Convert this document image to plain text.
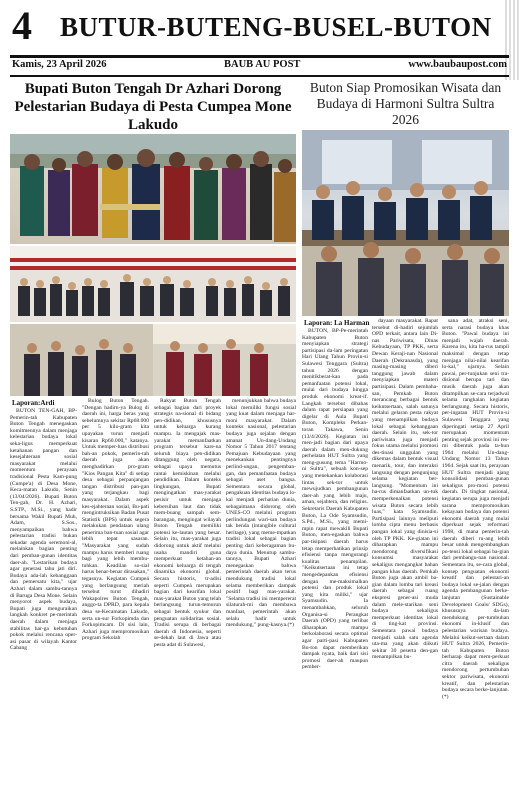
4 BUTUR-BUTENG-BUSEL-BUTON
Kamis, 23 April 2026	BAUB AU POST	www.baubaupost.com
Bupati Buton Tengah Dr Azhari Dorong Pelestarian Budaya di Pesta Cumpea Mone Lakudo
Buton Siap Promosikan Wisata dan Budaya di Harmoni Sultra Sultra 2026
Laporan:Ardi
Laporan: La Harman

BUTON TEN-GAH, BP- Pemerin-tah Kabupaten Buton Tengah menegaskan komitmennya dalam menjaga kelestarian budaya lokal seka-ligus memperkuat ketahanan pangan dan kesejahteraan sosial masyarakat melalui momentum perayaan tradisional Pesta Kam-pung (Cumpe'a) di Desa Mone, Keca-matan Lakudo, Senin (13/04/2026). Bupati Buton Ten-gah, Dr. H. Azhari, S.STP., M.Si., yang hadir bersama Wakil Bupati Muh, Adam, S.Sos., menyampaikan bahwa pelestarian tradisi bukan sekadar agenda seremoni-al, melainkan bagian penting dari pemban-gunan identitas daer-ah. "Lestarikan budaya agar generasi tahu jati diri. Budaya ada-lah kebanggaan dan pemersatu kita," ujar Azhari dalam sambu-tannya di Baruga Desa Mone. Selain menyorot aspek budaya, Bupati juga menguraikan langkah konkret pe-merintah daerah dalam menjaga stabilitas har-ga kebutuhan pokok melalui rencana oper-asi pasar di wilayah Kantor Cabang

Bulog Buton Tengah. "Dengan hadirn-ya Bulog di daerah ini, harga beras yang sebelumnya sekitar Rp68.000 per 5 kilo-gram kita upayakan turun menjadi kisaran Rp60.000," katanya. Untuk memper-luas distribusi bah-an pokok, pemerin-tah daerah juga akan menghadirkan pro-gram "Kios Pangan Kita" di setiap desa sebagai perpanjangan tangan distribusi pan-gan yang terjangkau bagi masyarakat. Dalam aspek kes-ejahteraan sosial, Bu-pati mengintruksikan Badan Pusat Statistik (BPS) untuk segera melakukan pendataan ulang penerima ban-tuan sosial agar lebih tepat sasaran. "Masyarakat yang sudah mampu harus memberi ruang bagi yang lebih membu-tuhkan. Keadilan so-sial harus benar-benar dirasakan," tegasnya. Kegiatan Cumpeá yang berlangsung meriah tersebut turut dihadiri Wakapolres Buton Tengah, anggo-ta DPRD, para kepala desa se-Kecamatan Lakudo, serta un-sur Forkopimda dan Forkopimcam. Di sisi lain, Azhari juga mempromosikan program Sekolah

Rakyat Buton Tengah sebagai bagian dari proyek strategis na-sional di bidang pen-didikan, khususnya untuk keluarga kurang mampu. Ia mengajak mas-yarakat memanfaatkan program tersebut kare-na seluruh biaya pen-didikan ditanggung oleh negara, sebagai upaya memutus rantai kemiskinan melalui pendidikan. Dalam konteks lingkungan, Bupati mengingatkan mas-yarakat pesisir untuk menjaga kebersihan laut dan tidak mem-buang sampah sem-barangan, mengingat wilayah Buton Tengah memiliki potensi ke-lautan yang besar. Selain itu, mas-yarakat juga didorong untuk aktif melalui usaha mandiri guna memperkuat ketahan-an ekonomi keluarga di tengah dinamika ekonomi global. Secara historis, tr-adisi seperti Cumpeá merupakan bagian dari kearifan lokal mas-yarakat Buton yang telah berlangsung turun-temurun sebagai bentuk syukur dan penguatan solidaritas sosial. Tradisi serupa di berbagai daerah di Indonesia, seperti se-dekah laut di Jawa atau pesta adat di Sulawesi,

menunjukkan bahwa budaya lokal memiliki fungsi sosial yang kuat dalam menjaga har-moni masyarakat. Dalam konteks nasional, pelestarian budaya juga sejalan dengan amanat Un-dang-Undang Nomor 5 Tahun 2017 tentang Pemajuan Kebudayaan yang menekankan pentingnya perlind-ungan, pengemban-gan, dan pemanfaatan budaya sebagai aset bangsa. Sementara secara global, pengakuan identitas budaya lo-kal menjadi perhatian dunia, sebagaimana didorong oleh UNES-CO melalui program perlindungan wari-san budaya tak benda (intangible cultural heritage), yang meme-mpatkan tradisi lokal sebagai bagian penting dari keberagaman bu-daya dunia. Menutup sambu-tannya, Bupati Azhari menegaskan bahwa pemerintah daerah akan terus mendukung tradisi lokal selama memberikan dampak positif bagi mas-yarakat. "Selama tradisi ini mempererat silaturah-mi dan membawa manfaat, pemerintah akan selalu hadir untuk mendukung," pung-kasnya.(*)

BUTON, BP-Pe-merintah Kabupaten Buton menyiapkan strategi partisipasi da-lam peringatan Hari Ulang Tahun Provin-si Sulawesi Tenggara (Sultra) tahun 2026 dengan menitikberat-kan pada pemanfaatan potensi lokal, mulai dari budaya hingga produk ekonomi kreat-if. Langkah tersebut dibahas dalam rapat persiapan yang digelar di Aula Bupati Buton, Kompleks Perkan-toran Takawa, Senin (13/4/2026). Kegiatan ini men-jadi bagian dari upaya daerah dalam men-dukung perhelatan HUT Sultra yang meng-gusung tema "Harmo-ni Sultra", sebuah kon-sep yang menekankan kolaborasi lintas sek-tor untuk mewujudkan pembangunan daer-ah yang lebih maju, aman, sejahtera, dan religius. Sekretaris Daerah Kabupaten Buton, La Ode Syamsudin, S.Pd., M.Si., yang memi-mpin rapat mewakili Bupati Buton, men-egaskan bahwa par-tisipasi daerah harus tetap memperhatikan prinsip efisiensi tanpa mengurangi kualitas penampilan. "Keikutsertaan ini tetap mengedepankan efisiensi dengan me-maksimalkan potensi dan produk lokal yang kita miliki," ujar Syamsudin. Ia menambahkan, seluruh Organisa-si Perangkat Daerah (OPD) yang terlibat diharapkan mampu berkolaborasi secara optimal agar parti-pasi Kabupaten Bu-ton dapat memberikan dampak nyata, baik dari sisi promosi daer-ah maupun pember-

dayaan masyarakat. Rapat tersebut di-hadiri sejumlah OPD terkait, antara lain Di-nas Pariwisata, Dinas Kebudayaan, TP PKK, serta Dewan Keraji-nan Nasional Daerah (Dekranasda), yang masing-masing diberi tanggung jawab dalam menyiapkan materi partisipasi. Dalam pembaha-san, Pemkab Buton merancang berbagai bentuk keikutsertaan, salah satunya melalui gelaran pesta rakyat yang menampilkan budaya lokal sebagai kebanggaan daerah. Selain itu, sek-tor pariwisata juga menjadi fokus utama melalui promosi des-tinasi unggulan yang dikemas dalam bentuk visual menarik, tour, dan interaksi langsung dengan pengunjung selama kegiatan ber-langsung. "Momentum ini ha-rus dimanfaatkan un-tuk memperkenalkan potensi wisata Buton secara lebih luas," kata Syamsudin. Partisipasi lainnya meliputi lomba cipta menu berbasis pangan lokal yang dinisia-si oleh TP PKK. Ke-giatan ini diharapkan mampu mendorong diversifikasi konsumsi masyarakat sekaligus mengangkat bahan pangan khas daerah. Pemkab Buton juga akan ambil ba-gian dalam lomba tari kreasi daerah sebagai ruang ekspresi gener-asi muda dalam mele-starikan seni budaya sekaligus memperkuat identitas lokal di ting-kat provinsi. Sementara pawai budaya menjadi salah satu agenda uta-ma yang akan diikuti sekitar 30 peserta den-gan menampilkan bu-

sana adat, atraksi seni, serta narasi budaya khas Buton. "Pawai budaya ini menjadi wajah daerah. Karena itu, kita ha-rus tampil maksimal dengan tetap menjaga nilai-nilai kearifan lo-kal," ujarnya. Selain pawai, per-tunjukan seni tra-disional berupa tari dan musik daerah juga akan ditampilkan se-cara terjadwal selama rangkaian kegiatan berlangsung. Secara historis, per-ingatan HUT Provin-si Sulawesi Tenggara yang diperingati setiap 27 April merupakan momentum penting sejak provinsi ini res-mi dibentuk pada ta-hun 1964 melalui Un-dang-Undang Nomor 13 Tahun 1964. Sejak saat itu, perayaan HUT Sultra menjadi ajang konsolidasi pemban-gunan sekaligus pro-mosi potensi daerah. Di tingkat nasional, kegiatan serupa juga menjadi sarana mempromosikan kekayaan budaya dan potensi ekonomi daerah yang mulai diperkuat sejak reformasi 1998, di mana pemerin-tah daerah diberi ru-ang lebih besar untuk mengembangkan po-tensi lokal sebagai ba-gian dari pembangu-nan nasional. Sementara itu, se-cara global, konsep penguatan ekonomi kreatif dan pelestari-an budaya lokal se-jalan dengan agenda pembangunan berke-lanjutan (Sustainable Development Goals/ SDGs), khususnya da-lam mendukung per-tumbuhan ekonomi in-klusif dan pelestarian warisan budaya. Melalui keikut-sertaan dalam HUT Sultra 2026, Pemerin-tah Kabupaten Buton berharap dapat mem-perkuat citra daerah sekaligus mendorong pertumbuhan sektor pariwisata, ekonomi kreatif, dan pelestarian budaya secara berke-lanjutan.(*)
